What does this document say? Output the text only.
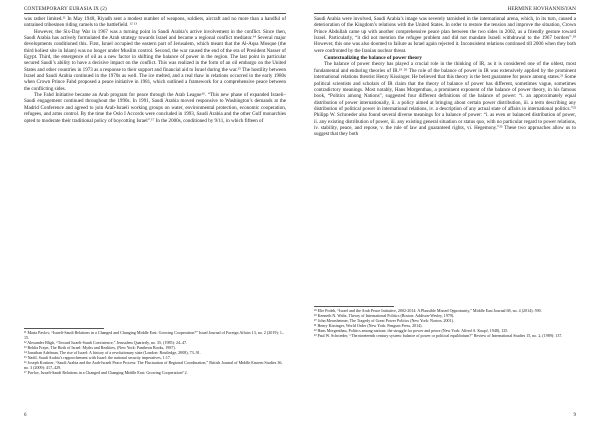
CONTEMPORARY EURASIA IX (2)

was rather limited.¹¹ In May 1948, Riyadh sent a modest number of weapons, soldiers, aircraft and no more than a handful of untrained tribesmen riding camels to the battlefield. ¹² ¹³

However, the Six-Day War in 1967 was a turning point in Saudi Arabia’s active involvement in the conflict. Since then, Saudi Arabia has actively formulated the Arab strategy towards Israel and became a regional conflict mediator.¹⁴ Several major developments conditioned this. First, Israel occupied the eastern part of Jerusalem, which meant that the Al-Aqsa Mosque (the third holiest site in Islam) was no longer under Muslim control. Second, the war caused the end of the era of President Nasser of Egypt. Third, the emergence of oil as a new factor in shifting the balance of power in the region. The last point in particular secured Saudi’s ability to have a decisive impact on the conflict. This was realized in the form of an oil embargo on the United States and other countries in 1973 as a response to their support and financial aid to Israel during the war.¹⁵ The hostility between Israel and Saudi Arabia continued in the 1970s as well. The ice melted, and a real thaw in relations occurred in the early 1980s when Crown Prince Fahd proposed a peace initiative in 1981, which outlined a framework for a comprehensive peace between the conflicting sides.

The Fahd Initiative became an Arab program for peace through the Arab League¹⁶. “This new phase of expanded Israeli–Saudi engagement continued throughout the 1990s. In 1991, Saudi Arabia moved responsive to Washington’s demands at the Madrid Conference and agreed to join Arab-Israeli working groups on water, environmental protection, economic cooperation, refugees, and arms control. By the time the Oslo I Accords were concluded in 1993, Saudi Arabia and the other Gulf monarchies opted to moderate their traditional policy of boycotting Israel”.¹⁷ In the 2000s, conditioned by 9/11, in which fifteen of

¹¹ Maria Pavlov, “Israeli-Saudi Relations in a Changed and Changing Middle East: Growing Cooperation?” Israel Journal of Foreign Affairs 13, no. 2 (2019): 1–15.

¹² Alexander Bligh, “Toward Israeli-Saudi Coexistence,” Jerusalem Quarterly, no. 35, (1985): 24–47.

¹³ Rehlia Frayn, The Birth of Israel: Myths and Realities, (New York: Pantheon Books, 1987).

¹⁴ Jonathan Adelman, The rise of Israel: A history of a revolutionary state (London: Routledge, 2008), 73–91.

¹⁵ Nadil, Saudi Arabia’s rapprochement with Israel: the national security imperatives, 1:17.

¹⁶ Joseph Kostiner, “Saudi Arabia and the Arab-Israeli Peace Process: The Fluctuation of Regional Coordination,” British Journal of Middle Eastern Studies 36, no. 3 (2009): 417–429.

¹⁷ Pavlov, Israeli-Saudi Relations in a Changed and Changing Middle East: Growing Cooperation? 2.

6
HERMINE HOVHANNISYAN

Saudi Arabia were involved, Saudi Arabia’s image was severely tarnished in the international arena, which, in its turn, caused a deterioration of the Kingdom’s relations with the United States. In order to restore the tension and improve the situation, Crown Prince Abdullah came up with another comprehensive peace plan between the two sides in 2002, as a friendly gesture toward Israel. Particularly, “it did not mention the refugee problem and did not mandate Israeli withdrawal to the 1967 borders”.¹⁸ However, this one was also doomed to failure as Israel again rejected it. Inconsistent relations continued till 2006 when they both were confronted by the Iranian nuclear threat.

Contextualizing the balance of power theory

The balance of power theory has played a crucial role in the thinking of IR, as it is considered one of the oldest, most fundamental and enduring theories of IR.¹⁹ ²⁰ The role of the balance of power in IR was extensively applied by the prominent international relations theorist Henry Kissinger. He believed that this theory is the best guarantee for peace among states.²¹ Some political scientists and scholars of IR claim that the theory of balance of power has different, sometimes vague, sometimes contradictory meanings. Most notably, Hans Morgenthau, a prominent exponent of the balance of power theory, in his famous book, “Politics among Nations”, suggested four different definitions of the balance of power: “i. an approximately equal distribution of power internationally, ii. a policy aimed at bringing about certain power distribution, iii. a term describing any distribution of political power in international relations, iv. a description of any actual state of affairs in international politics.”²² Philipp W. Schroeder also found several diverse meanings for a balance of power: “i. as even or balanced distribution of power, ii. any existing distribution of power, iii. any existing general situation or status quo, with no particular regard to power relations, iv. stability, peace, and repose, v. the rule of law and guaranteed rights, vi. Hegemony.”²³ These two approaches allow us to suggest that they both

¹⁸ Elie Podeh, “Israel and the Arab Peace Initiative, 2002-2014: A Plausible Missed Opportunity,” Middle East Journal 68, no. 4 (2014): 590.

¹⁹ Kenneth N. Waltz, Theory of International Politics (Boston: Addison-Wesley, 1979).

²⁰ John Mearsheimer, The Tragedy of Great Power Politics (New York: Norton, 2001).

²¹ Henry Kissinger, World Order (New York: Penguin Press, 2014).

²² Hans Morgenthau, Politics among nations: the struggle for power and peace (New York: Alfred A. Knopf, 1948), 125.

²³ Paul W. Schroeder, “The nineteenth century system: balance of power or political equilibrium?” Review of International Studies 15, no. 2, (1989): 137.

9
